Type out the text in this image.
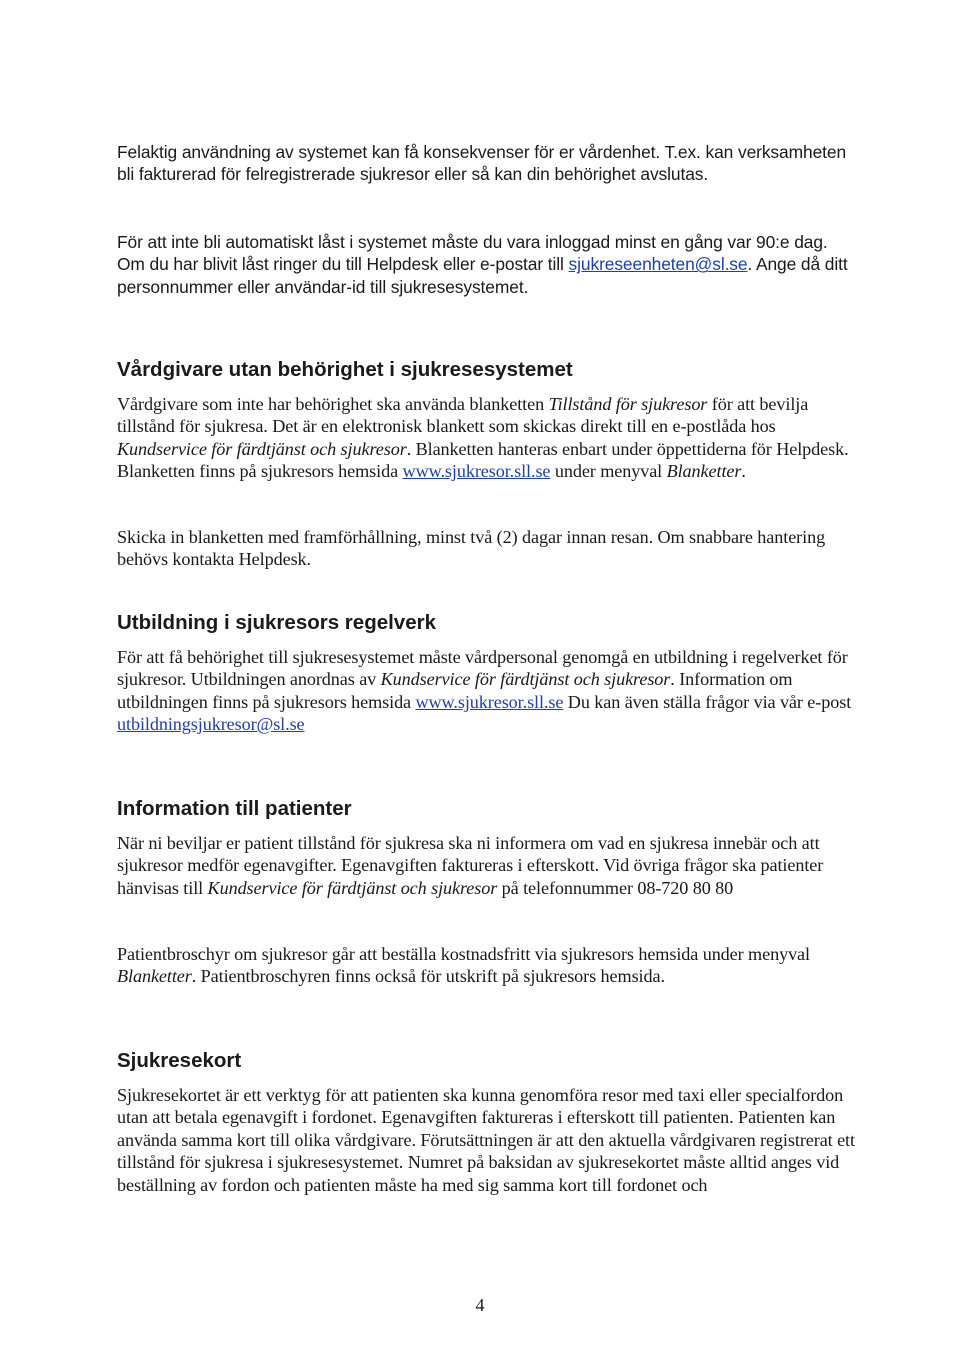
Felaktig användning av systemet kan få konsekvenser för er vårdenhet. T.ex. kan verksamheten bli fakturerad för felregistrerade sjukresor eller så kan din behörighet avslutas.

För att inte bli automatiskt låst i systemet måste du vara inloggad minst en gång var 90:e dag. Om du har blivit låst ringer du till Helpdesk eller e-postar till sjukreseenheten@sl.se. Ange då ditt personnummer eller användar-id till sjukresesystemet.

Vårdgivare utan behörighet i sjukresesystemet

Vårdgivare som inte har behörighet ska använda blanketten Tillstånd för sjukresor för att bevilja tillstånd för sjukresa. Det är en elektronisk blankett som skickas direkt till en e-postlåda hos Kundservice för färdtjänst och sjukresor. Blanketten hanteras enbart under öppettiderna för Helpdesk. Blanketten finns på sjukresors hemsida www.sjukresor.sll.se under menyval Blanketter.

Skicka in blanketten med framförhållning, minst två (2) dagar innan resan. Om snabbare hantering behövs kontakta Helpdesk.

Utbildning i sjukresors regelverk

För att få behörighet till sjukresesystemet måste vårdpersonal genomgå en utbildning i regelverket för sjukresor. Utbildningen anordnas av Kundservice för färdtjänst och sjukresor. Information om utbildningen finns på sjukresors hemsida www.sjukresor.sll.se Du kan även ställa frågor via vår e-post utbildningsjukresor@sl.se

Information till patienter

När ni beviljar er patient tillstånd för sjukresa ska ni informera om vad en sjukresa innebär och att sjukresor medför egenavgifter. Egenavgiften faktureras i efterskott. Vid övriga frågor ska patienter hänvisas till Kundservice för färdtjänst och sjukresor på telefonnummer 08-720 80 80

Patientbroschyr om sjukresor går att beställa kostnadsfritt via sjukresors hemsida under menyval Blanketter. Patientbroschyren finns också för utskrift på sjukresors hemsida.

Sjukresekort

Sjukresekortet är ett verktyg för att patienten ska kunna genomföra resor med taxi eller specialfordon utan att betala egenavgift i fordonet. Egenavgiften faktureras i efterskott till patienten. Patienten kan använda samma kort till olika vårdgivare. Förutsättningen är att den aktuella vårdgivaren registrerat ett tillstånd för sjukresa i sjukresesystemet. Numret på baksidan av sjukresekortet måste alltid anges vid beställning av fordon och patienten måste ha med sig samma kort till fordonet och

4
